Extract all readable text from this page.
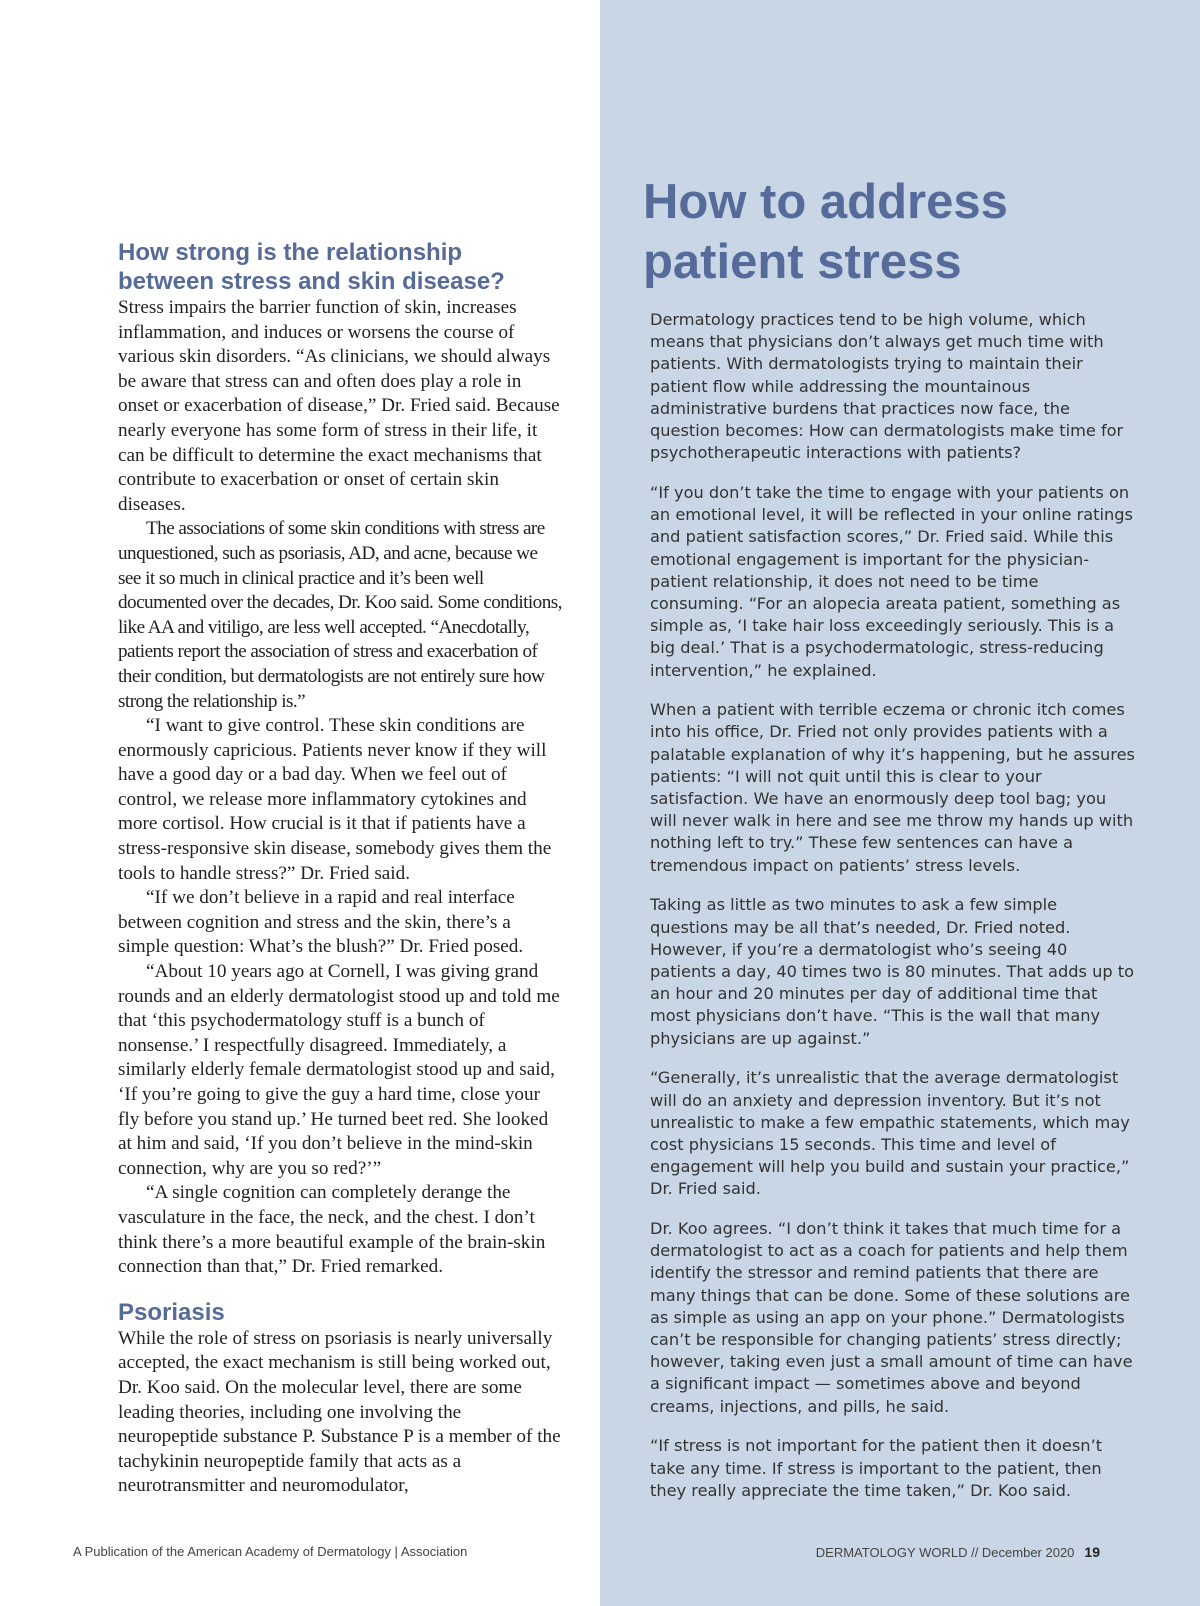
How strong is the relationship between stress and skin disease?

Stress impairs the barrier function of skin, increases inflammation, and induces or worsens the course of various skin disorders. “As clinicians, we should always be aware that stress can and often does play a role in onset or exacerbation of disease,” Dr. Fried said. Because nearly everyone has some form of stress in their life, it can be difficult to determine the exact mechanisms that contribute to exacerbation or onset of certain skin diseases.

The associations of some skin conditions with stress are unquestioned, such as psoriasis, AD, and acne, because we see it so much in clinical practice and it’s been well documented over the decades, Dr. Koo said. Some conditions, like AA and vitiligo, are less well accepted. “Anecdotally, patients report the association of stress and exacerbation of their condition, but dermatologists are not entirely sure how strong the relationship is.”

“I want to give control. These skin conditions are enormously capricious. Patients never know if they will have a good day or a bad day. When we feel out of control, we release more inflammatory cytokines and more cortisol. How crucial is it that if patients have a stress-responsive skin disease, somebody gives them the tools to handle stress?” Dr. Fried said.

“If we don’t believe in a rapid and real interface between cognition and stress and the skin, there’s a simple question: What’s the blush?” Dr. Fried posed.

“About 10 years ago at Cornell, I was giving grand rounds and an elderly dermatologist stood up and told me that ‘this psychodermatology stuff is a bunch of nonsense.’ I respectfully disagreed. Immediately, a similarly elderly female dermatologist stood up and said, ‘If you’re going to give the guy a hard time, close your fly before you stand up.’ He turned beet red. She looked at him and said, ‘If you don’t believe in the mind-skin connection, why are you so red?’”

“A single cognition can completely derange the vasculature in the face, the neck, and the chest. I don’t think there’s a more beautiful example of the brain-skin connection than that,” Dr. Fried remarked.

Psoriasis

While the role of stress on psoriasis is nearly universally accepted, the exact mechanism is still being worked out, Dr. Koo said. On the molecular level, there are some leading theories, including one involving the neuropeptide substance P. Substance P is a member of the tachykinin neuropeptide family that acts as a neurotransmitter and neuromodulator,

How to address patient stress

Dermatology practices tend to be high volume, which means that physicians don’t always get much time with patients. With dermatologists trying to maintain their patient flow while addressing the mountainous administrative burdens that practices now face, the question becomes: How can dermatologists make time for psychotherapeutic interactions with patients?

“If you don’t take the time to engage with your patients on an emotional level, it will be reflected in your online ratings and patient satisfaction scores,” Dr. Fried said. While this emotional engagement is important for the physician-patient relationship, it does not need to be time consuming. “For an alopecia areata patient, something as simple as, ‘I take hair loss exceedingly seriously. This is a big deal.’ That is a psychodermatologic, stress-reducing intervention,” he explained.

When a patient with terrible eczema or chronic itch comes into his office, Dr. Fried not only provides patients with a palatable explanation of why it’s happening, but he assures patients: “I will not quit until this is clear to your satisfaction. We have an enormously deep tool bag; you will never walk in here and see me throw my hands up with nothing left to try.” These few sentences can have a tremendous impact on patients’ stress levels.

Taking as little as two minutes to ask a few simple questions may be all that’s needed, Dr. Fried noted. However, if you’re a dermatologist who’s seeing 40 patients a day, 40 times two is 80 minutes. That adds up to an hour and 20 minutes per day of additional time that most physicians don’t have. “This is the wall that many physicians are up against.”

“Generally, it’s unrealistic that the average dermatologist will do an anxiety and depression inventory. But it’s not unrealistic to make a few empathic statements, which may cost physicians 15 seconds. This time and level of engagement will help you build and sustain your practice,” Dr. Fried said.

Dr. Koo agrees. “I don’t think it takes that much time for a dermatologist to act as a coach for patients and help them identify the stressor and remind patients that there are many things that can be done. Some of these solutions are as simple as using an app on your phone.” Dermatologists can’t be responsible for changing patients’ stress directly; however, taking even just a small amount of time can have a significant impact — sometimes above and beyond creams, injections, and pills, he said.

“If stress is not important for the patient then it doesn’t take any time. If stress is important to the patient, then they really appreciate the time taken,” Dr. Koo said.

A Publication of the American Academy of Dermatology | Association	DERMATOLOGY WORLD // December 2020 19
